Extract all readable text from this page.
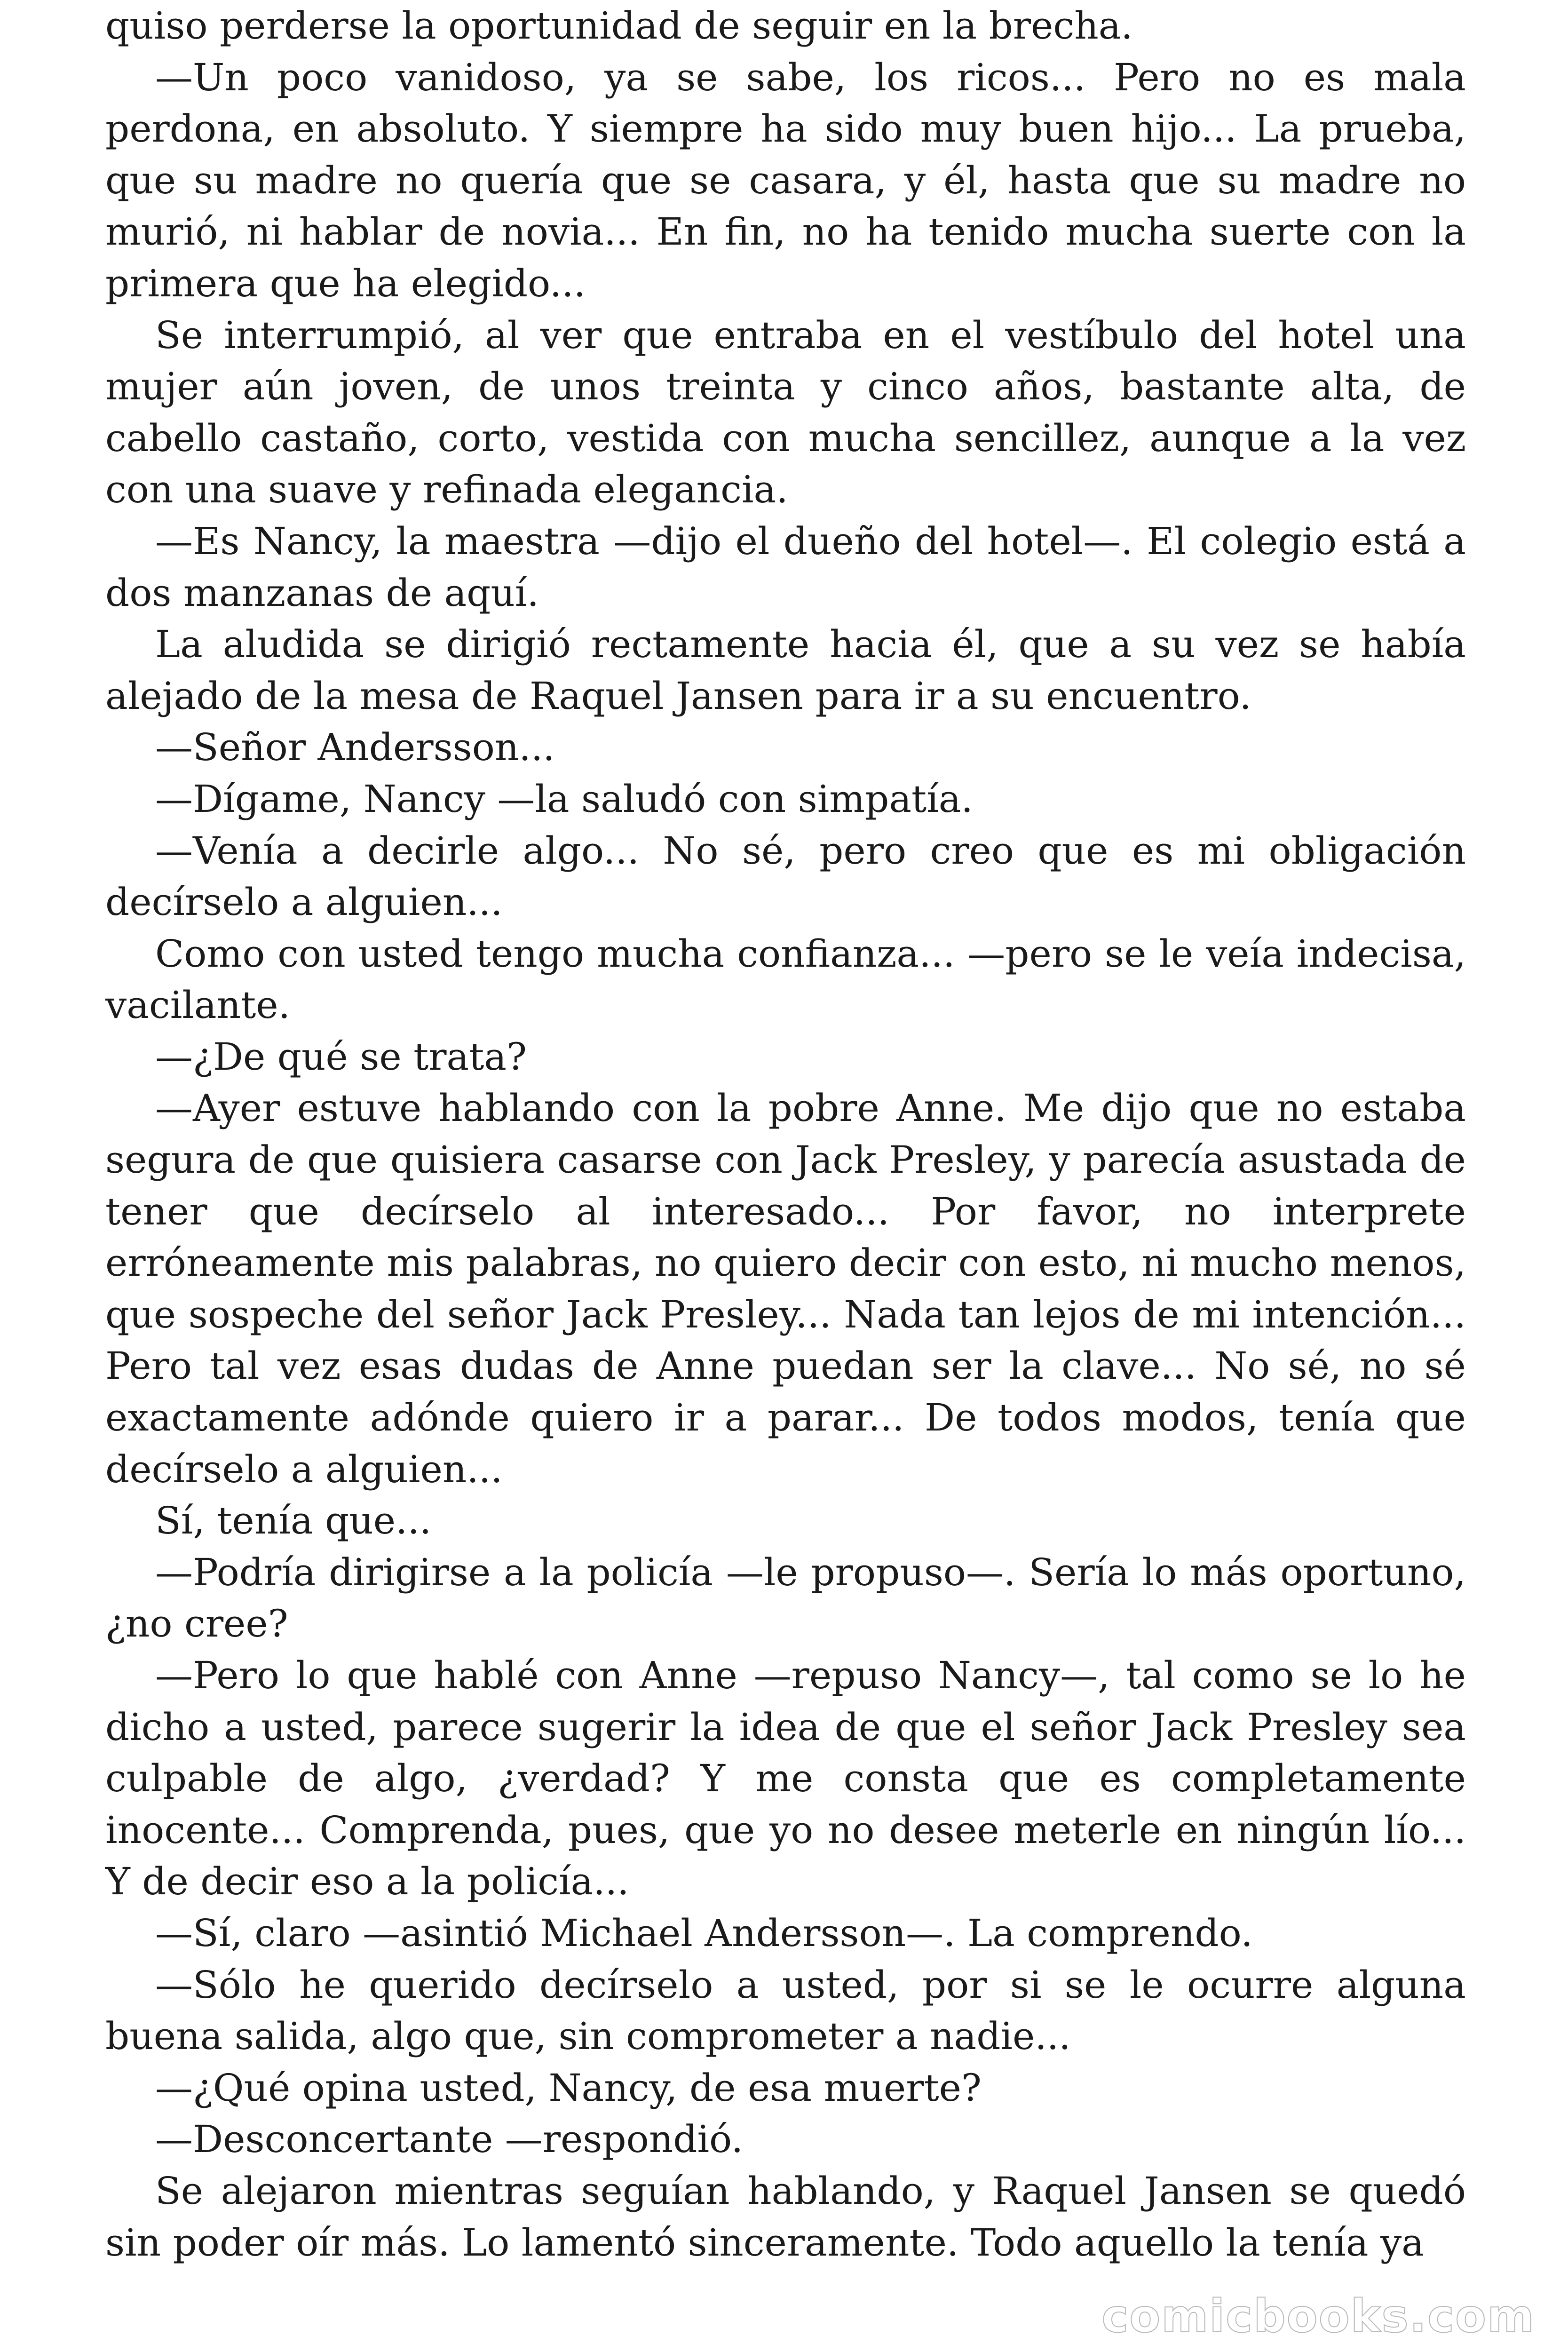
quiso perderse la oportunidad de seguir en la brecha.

—Un poco vanidoso, ya se sabe, los ricos... Pero no es mala perdona, en absoluto. Y siempre ha sido muy buen hijo... La prueba, que su madre no quería que se casara, y él, hasta que su madre no murió, ni hablar de novia... En fin, no ha tenido mucha suerte con la primera que ha elegido...

Se interrumpió, al ver que entraba en el vestíbulo del hotel una mujer aún joven, de unos treinta y cinco años, bastante alta, de cabello castaño, corto, vestida con mucha sencillez, aunque a la vez con una suave y refinada elegancia.

—Es Nancy, la maestra —dijo el dueño del hotel—. El colegio está a dos manzanas de aquí.

La aludida se dirigió rectamente hacia él, que a su vez se había alejado de la mesa de Raquel Jansen para ir a su encuentro.

—Señor Andersson...

—Dígame, Nancy —la saludó con simpatía.

—Venía a decirle algo... No sé, pero creo que es mi obligación decírselo a alguien...

Como con usted tengo mucha confianza... —pero se le veía indecisa, vacilante.

—¿De qué se trata?

—Ayer estuve hablando con la pobre Anne. Me dijo que no estaba segura de que quisiera casarse con Jack Presley, y parecía asustada de tener que decírselo al interesado... Por favor, no interprete erróneamente mis palabras, no quiero decir con esto, ni mucho menos, que sospeche del señor Jack Presley... Nada tan lejos de mi intención... Pero tal vez esas dudas de Anne puedan ser la clave... No sé, no sé exactamente adónde quiero ir a parar... De todos modos, tenía que decírselo a alguien...

Sí, tenía que...

—Podría dirigirse a la policía —le propuso—. Sería lo más oportuno, ¿no cree?

—Pero lo que hablé con Anne —repuso Nancy—, tal como se lo he dicho a usted, parece sugerir la idea de que el señor Jack Presley sea culpable de algo, ¿verdad? Y me consta que es completamente inocente... Comprenda, pues, que yo no desee meterle en ningún lío... Y de decir eso a la policía...

—Sí, claro —asintió Michael Andersson—. La comprendo.

—Sólo he querido decírselo a usted, por si se le ocurre alguna buena salida, algo que, sin comprometer a nadie...

—¿Qué opina usted, Nancy, de esa muerte?

—Desconcertante —respondió.

Se alejaron mientras seguían hablando, y Raquel Jansen se quedó sin poder oír más. Lo lamentó sinceramente. Todo aquello la tenía ya

comicbooks.com
